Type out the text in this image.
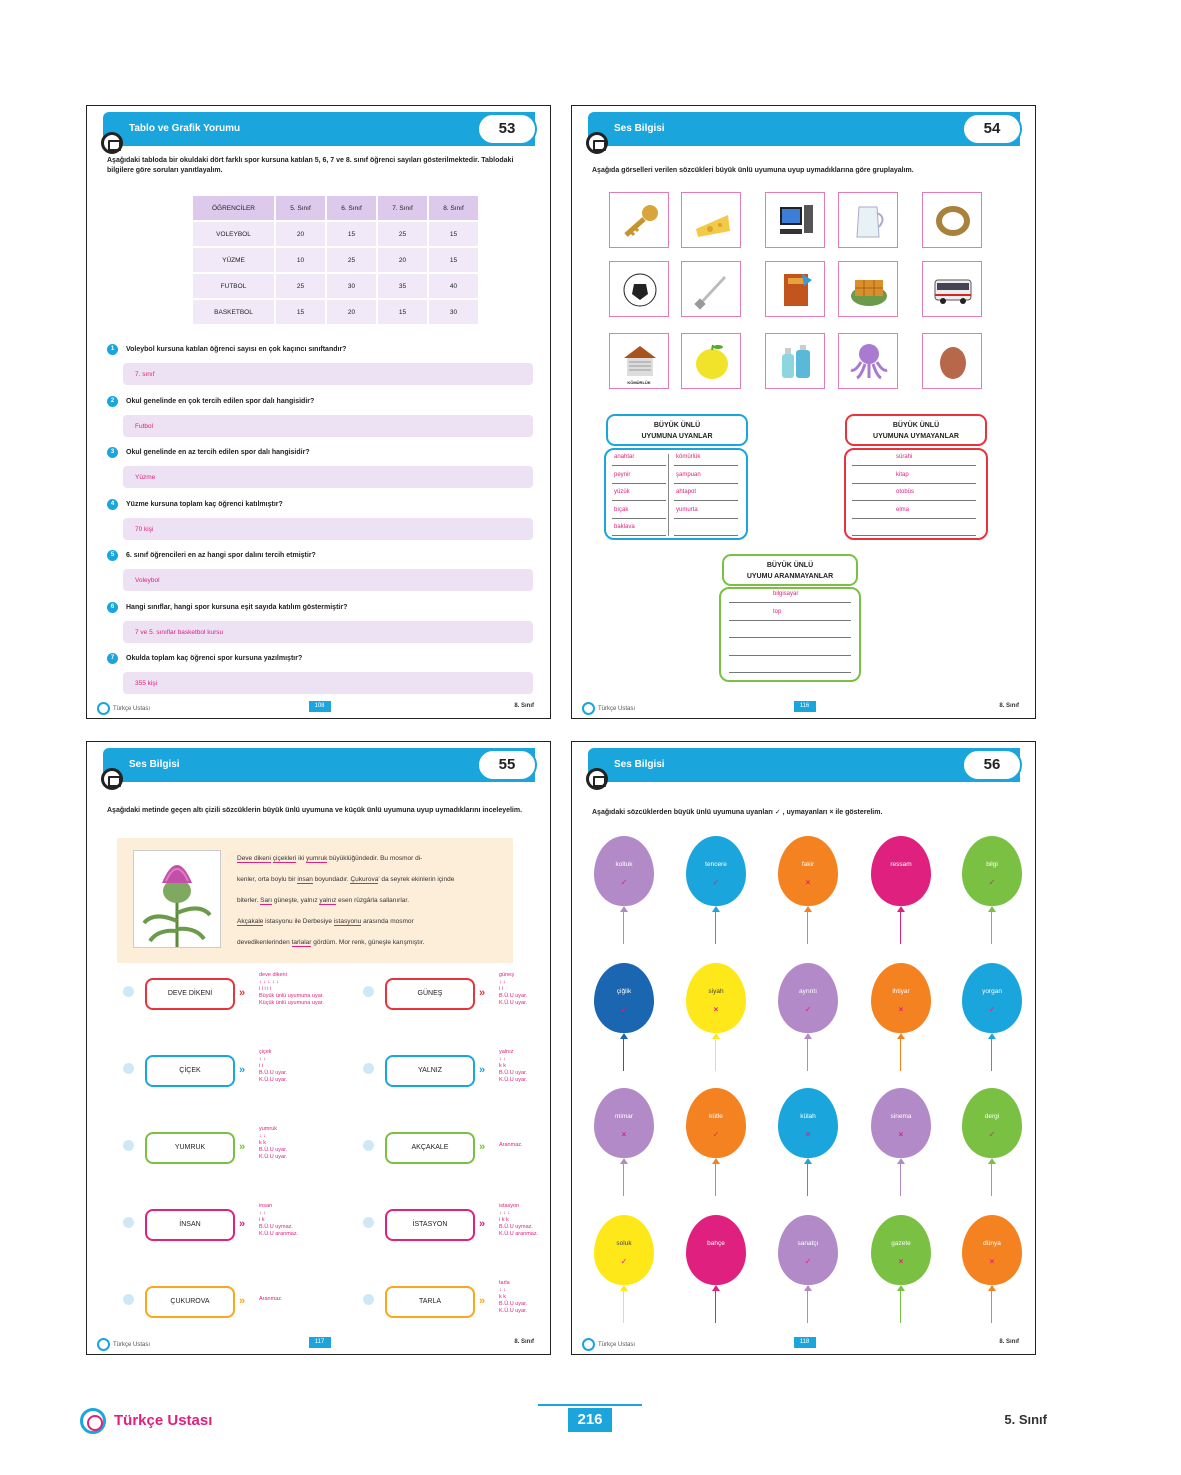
Tablo ve Grafik Yorumu	53
Aşağıdaki tabloda bir okuldaki dört farklı spor kursuna katılan 5, 6, 7 ve 8. sınıf öğrenci sayıları gösterilmektedir. Tablodaki bilgilere göre soruları yanıtlayalım.
ÖĞRENCİLER	5. Sınıf	6. Sınıf	7. Sınıf	8. Sınıf
VOLEYBOL	20	15	25	15
YÜZME	10	25	20	15
FUTBOL	25	30	35	40
BASKETBOL	15	20	15	30
Türkçe Ustası
108	8. Sınıf
1	Voleybol kursuna katılan öğrenci sayısı en çok kaçıncı sınıftandır?
7. sınıf
2	Okul genelinde en çok tercih edilen spor dalı hangisidir?
Futbol
3	Okul genelinde en az tercih edilen spor dalı hangisidir?
Yüzme
4	Yüzme kursuna toplam kaç öğrenci katılmıştır?
70 kişi
5	6. sınıf öğrencileri en az hangi spor dalını tercih etmiştir?
Voleybol
6	Hangi sınıflar, hangi spor kursuna eşit sayıda katılım göstermiştir?
7 ve 5. sınıflar basketbol kursu
7	Okulda toplam kaç öğrenci spor kursuna yazılmıştır?
355 kişi
Ses Bilgisi	54
Aşağıda görselleri verilen sözcükleri büyük ünlü uyumuna uyup uymadıklarına göre gruplayalım.
BÜYÜK ÜNLÜ
UYUMUNA UYANLAR
anahtar
peynir
yüzük
bıçak
baklava
kömürlük
şampuan
ahtapot
yumurta
BÜYÜK ÜNLÜ
UYUMUNA UYMAYANLAR
sürahi
kitap
otobüs
elma
BÜYÜK ÜNLÜ
UYUMU ARANMAYANLAR
bilgisayar
top
Türkçe Ustası
116	8. Sınıf
KÖMÜRLÜK
Ses Bilgisi	55
Aşağıdaki metinde geçen altı çizili sözcüklerin büyük ünlü uyumuna ve küçük ünlü uyumuna uyup uymadıklarını inceleyelim.
Deve dikeni çiçekleri iki yumruk büyüklüğündedir. Bu mosmor di-
kenler, orta boylu bir insan boyundadır. Çukurova' da seyrek ekinlerin içinde
biterler. Sarı güneşte, yalnız yalnız esen rüzgârla sallanırlar.
Akçakale istasyonu ile Derbesiye istasyonu arasında mosmor
devedikenlerinden tarlalar gördüm. Mor renk, güneşle karışmıştır.
Türkçe Ustası
117	8. Sınıf
DEVE DİKENİ	»
deve dikeni
↓ ↓ ↓ ↓ ↓
i i i i i
Büyük ünlü uyumuna uyar.
Küçük ünlü uyumuna uyar.
GÜNEŞ	»
güneş
↓ ↓
i i
B.Ü.U uyar.
K.Ü.U uyar.
ÇİÇEK	»
çiçek
↓ ↓
i i
B.Ü.U uyar.
K.Ü.U uyar.
YALNIZ	»
yalnız
↓ ↓
k k
B.Ü.U uyar.
K.Ü.U uyar.
YUMRUK	»
yumruk
↓ ↓
k k
B.Ü.U uyar.
K.Ü.U uyar.
AKÇAKALE	»	Aranmaz.
İNSAN	»
insan
↓ ↓
i k
B.Ü.U uymaz.
K.Ü.U aranmaz.
İSTASYON	»
istasyon
↓ ↓ ↓
i k k
B.Ü.U uymaz.
K.Ü.U aranmaz.
ÇUKUROVA	»	Aranmaz.	TARLA	»
tarla
↓ ↓
k k
B.Ü.U uyar.
K.Ü.U uyar.
Ses Bilgisi	56
Aşağıdaki sözcüklerden büyük ünlü uyumuna uyanları ✓ , uymayanları × ile gösterelim.
Türkçe Ustası
118	8. Sınıf
koltuk
✓
tencere
✓
fakir
×
ressam
×
bilgi
✓
çiğlik
✓
siyah
×
ayrıntı
✓
ihtiyar
×
yorgan
✓
mimar
×
kütle
✓
külah
×
sinema
×
dergi
✓
soluk
✓
bahçe
×
sanatçı
✓
gazete
×
dünya
×
Türkçe Ustası	216	5. Sınıf
